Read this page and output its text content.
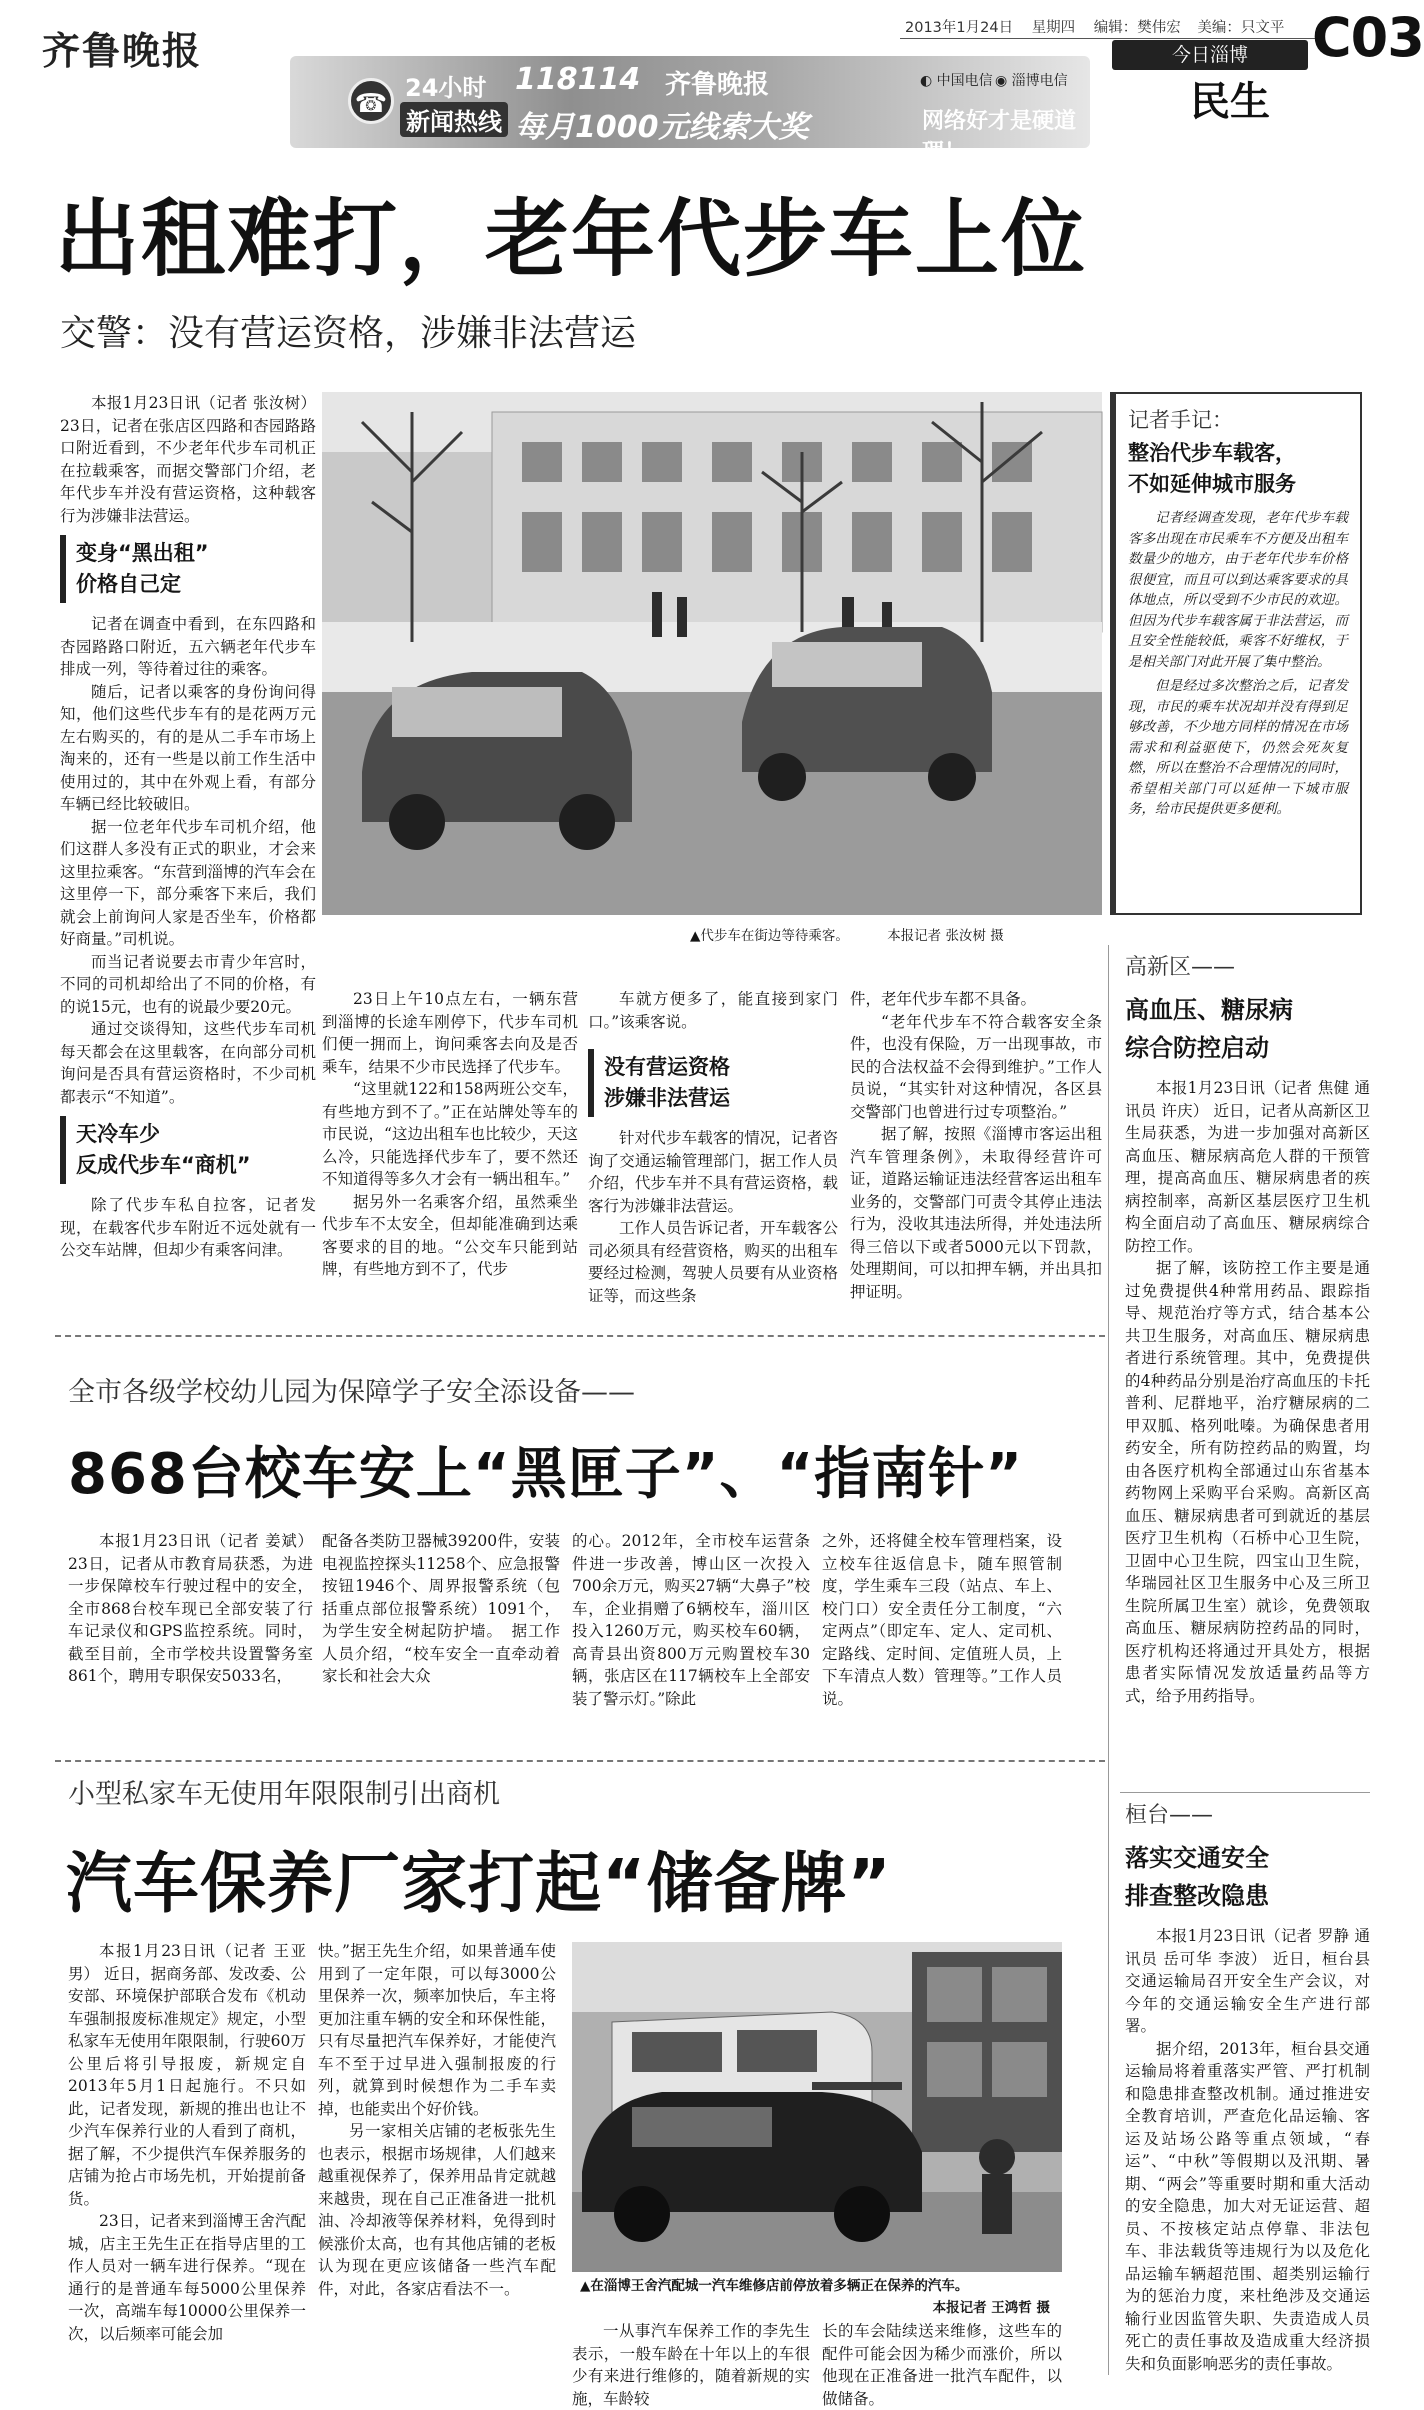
齐鲁晚报	2013年1月24日 星期四 编辑：樊伟宏 美编：只文平 C03
今日淄博
民生
☎
24小时
新闻热线
118114 齐鲁晚报
每月1000元线索大奖
◐ 中国电信 ◉ 淄博电信
网络好才是硬道理！
出租难打，老年代步车上位
交警：没有营运资格，涉嫌非法营运

本报1月23日讯（记者 张汝树） 23日，记者在张店区四路和杏园路路口附近看到，不少老年代步车司机正在拉载乘客，而据交警部门介绍，老年代步车并没有营运资格，这种载客行为涉嫌非法营运。

变身“黑出租”
价格自己定

记者在调查中看到，在东四路和杏园路路口附近，五六辆老年代步车排成一列，等待着过往的乘客。

随后，记者以乘客的身份询问得知，他们这些代步车有的是花两万元左右购买的，有的是从二手车市场上淘来的，还有一些是以前工作生活中使用过的，其中在外观上看，有部分车辆已经比较破旧。

据一位老年代步车司机介绍，他们这群人多没有正式的职业，才会来这里拉乘客。“东营到淄博的汽车会在这里停一下，部分乘客下来后，我们就会上前询问人家是否坐车，价格都好商量。”司机说。

而当记者说要去市青少年宫时，不同的司机却给出了不同的价格，有的说15元，也有的说最少要20元。

通过交谈得知，这些代步车司机每天都会在这里载客，在向部分司机询问是否具有营运资格时，不少司机都表示“不知道”。

天冷车少
反成代步车“商机”

除了代步车私自拉客，记者发现，在载客代步车附近不远处就有一公交车站牌，但却少有乘客问津。

▲代步车在街边等待乘客。	本报记者 张汝树 摄
记者手记：
整治代步车载客，
不如延伸城市服务

记者经调查发现，老年代步车载客多出现在市民乘车不方便及出租车数量少的地方，由于老年代步车价格很便宜，而且可以到达乘客要求的具体地点，所以受到不少市民的欢迎。但因为代步车载客属于非法营运，而且安全性能较低，乘客不好维权，于是相关部门对此开展了集中整治。

但是经过多次整治之后，记者发现，市民的乘车状况却并没有得到足够改善，不少地方同样的情况在市场需求和利益驱使下，仍然会死灰复燃，所以在整治不合理情况的同时，希望相关部门可以延伸一下城市服务，给市民提供更多便利。

23日上午10点左右，一辆东营到淄博的长途车刚停下，代步车司机们便一拥而上，询问乘客去向及是否乘车，结果不少市民选择了代步车。

“这里就122和158两班公交车，有些地方到不了。”正在站牌处等车的市民说，“这边出租车也比较少，天这么冷，只能选择代步车了，要不然还不知道得等多久才会有一辆出租车。”

据另外一名乘客介绍，虽然乘坐代步车不太安全，但却能准确到达乘客要求的目的地。“公交车只能到站牌，有些地方到不了，代步

车就方便多了，能直接到家门口。”该乘客说。

没有营运资格
涉嫌非法营运

针对代步车载客的情况，记者咨询了交通运输管理部门，据工作人员介绍，代步车并不具有营运资格，载客行为涉嫌非法营运。

工作人员告诉记者，开车载客公司必须具有经营资格，购买的出租车要经过检测，驾驶人员要有从业资格证等，而这些条

件，老年代步车都不具备。

“老年代步车不符合载客安全条件，也没有保险，万一出现事故，市民的合法权益不会得到维护。”工作人员说，“其实针对这种情况，各区县交警部门也曾进行过专项整治。”

据了解，按照《淄博市客运出租汽车管理条例》，未取得经营许可证，道路运输证违法经营客运出租车业务的，交警部门可责令其停止违法行为，没收其违法所得，并处违法所得三倍以下或者5000元以下罚款，处理期间，可以扣押车辆，并出具扣押证明。

全市各级学校幼儿园为保障学子安全添设备——
868台校车安上“黑匣子”、“指南针”

本报1月23日讯（记者 姜斌） 23日，记者从市教育局获悉，为进一步保障校车行驶过程中的安全，全市868台校车现已全部安装了行车记录仪和GPS监控系统。同时，截至目前，全市学校共设置警务室861个，聘用专职保安5033名，

配备各类防卫器械39200件，安装电视监控探头11258个、应急报警按钮1946个、周界报警系统（包括重点部位报警系统）1091个，为学生安全树起防护墙。　据工作人员介绍，“校车安全一直牵动着家长和社会大众

的心。2012年，全市校车运营条件进一步改善，博山区一次投入700余万元，购买27辆“大鼻子”校车，企业捐赠了6辆校车，淄川区投入1260万元，购买校车60辆，高青县出资800万元购置校车30辆，张店区在117辆校车上全部安装了警示灯。”除此

之外，还将健全校车管理档案，设立校车往返信息卡，随车照管制度，学生乘车三段（站点、车上、校门口）安全责任分工制度，“六定两点”（即定车、定人、定司机、定路线、定时间、定值班人员，上下车清点人数）管理等。”工作人员说。

小型私家车无使用年限限制引出商机
汽车保养厂家打起“储备牌”

本报1月23日讯（记者 王亚男） 近日，据商务部、发改委、公安部、环境保护部联合发布《机动车强制报废标准规定》规定，小型私家车无使用年限限制，行驶60万公里后将引导报废，新规定自2013年5月1日起施行。不只如此，记者发现，新规的推出也让不少汽车保养行业的人看到了商机，据了解，不少提供汽车保养服务的店铺为抢占市场先机，开始提前备货。

23日，记者来到淄博王舍汽配城，店主王先生正在指导店里的工作人员对一辆车进行保养。“现在通行的是普通车每5000公里保养一次，高端车每10000公里保养一次，以后频率可能会加

快。”据王先生介绍，如果普通车使用到了一定年限，可以每3000公里保养一次，频率加快后，车主将更加注重车辆的安全和环保性能，只有尽量把汽车保养好，才能使汽车不至于过早进入强制报废的行列，就算到时候想作为二手车卖掉，也能卖出个好价钱。

另一家相关店铺的老板张先生也表示，根据市场规律，人们越来越重视保养了，保养用品肯定就越来越贵，现在自己正准备进一批机油、冷却液等保养材料，免得到时候涨价太高，也有其他店铺的老板认为现在更应该储备一些汽车配件，对此，各家店看法不一。	▲在淄博王舍汽配城一汽车维修店前停放着多辆正在保养的汽车。
本报记者 王鸿哲 摄

一从事汽车保养工作的李先生表示，一般车龄在十年以上的车很少有来进行维修的，随着新规的实施，车龄较

长的车会陆续送来维修，这些车的配件可能会因为稀少而涨价，所以他现在正准备进一批汽车配件，以做储备。

高新区——
高血压、糖尿病
综合防控启动

本报1月23日讯（记者 焦健 通讯员 许庆） 近日，记者从高新区卫生局获悉，为进一步加强对高新区高血压、糖尿病高危人群的干预管理，提高高血压、糖尿病患者的疾病控制率，高新区基层医疗卫生机构全面启动了高血压、糖尿病综合防控工作。

据了解，该防控工作主要是通过免费提供4种常用药品、跟踪指导、规范治疗等方式，结合基本公共卫生服务，对高血压、糖尿病患者进行系统管理。其中，免费提供的4种药品分别是治疗高血压的卡托普利、尼群地平，治疗糖尿病的二甲双胍、格列吡嗪。为确保患者用药安全，所有防控药品的购置，均由各医疗机构全部通过山东省基本药物网上采购平台采购。高新区高血压、糖尿病患者可到就近的基层医疗卫生机构（石桥中心卫生院，卫固中心卫生院，四宝山卫生院，华瑞园社区卫生服务中心及三所卫生院所属卫生室）就诊，免费领取高血压、糖尿病防控药品的同时，医疗机构还将通过开具处方，根据患者实际情况发放适量药品等方式，给予用药指导。

桓台——
落实交通安全
排查整改隐患

本报1月23日讯（记者 罗静 通讯员 岳可华 李波） 近日，桓台县交通运输局召开安全生产会议，对今年的交通运输安全生产进行部署。

据介绍，2013年，桓台县交通运输局将着重落实严管、严打机制和隐患排查整改机制。通过推进安全教育培训，严查危化品运输、客运及站场公路等重点领域，“春运”、“中秋”等假期以及汛期、暑期、“两会”等重要时期和重大活动的安全隐患，加大对无证运营、超员、不按核定站点停靠、非法包车、非法载货等违规行为以及危化品运输车辆超范围、超类别运输行为的惩治力度，来杜绝涉及交通运输行业因监管失职、失责造成人员死亡的责任事故及造成重大经济损失和负面影响恶劣的责任事故。
